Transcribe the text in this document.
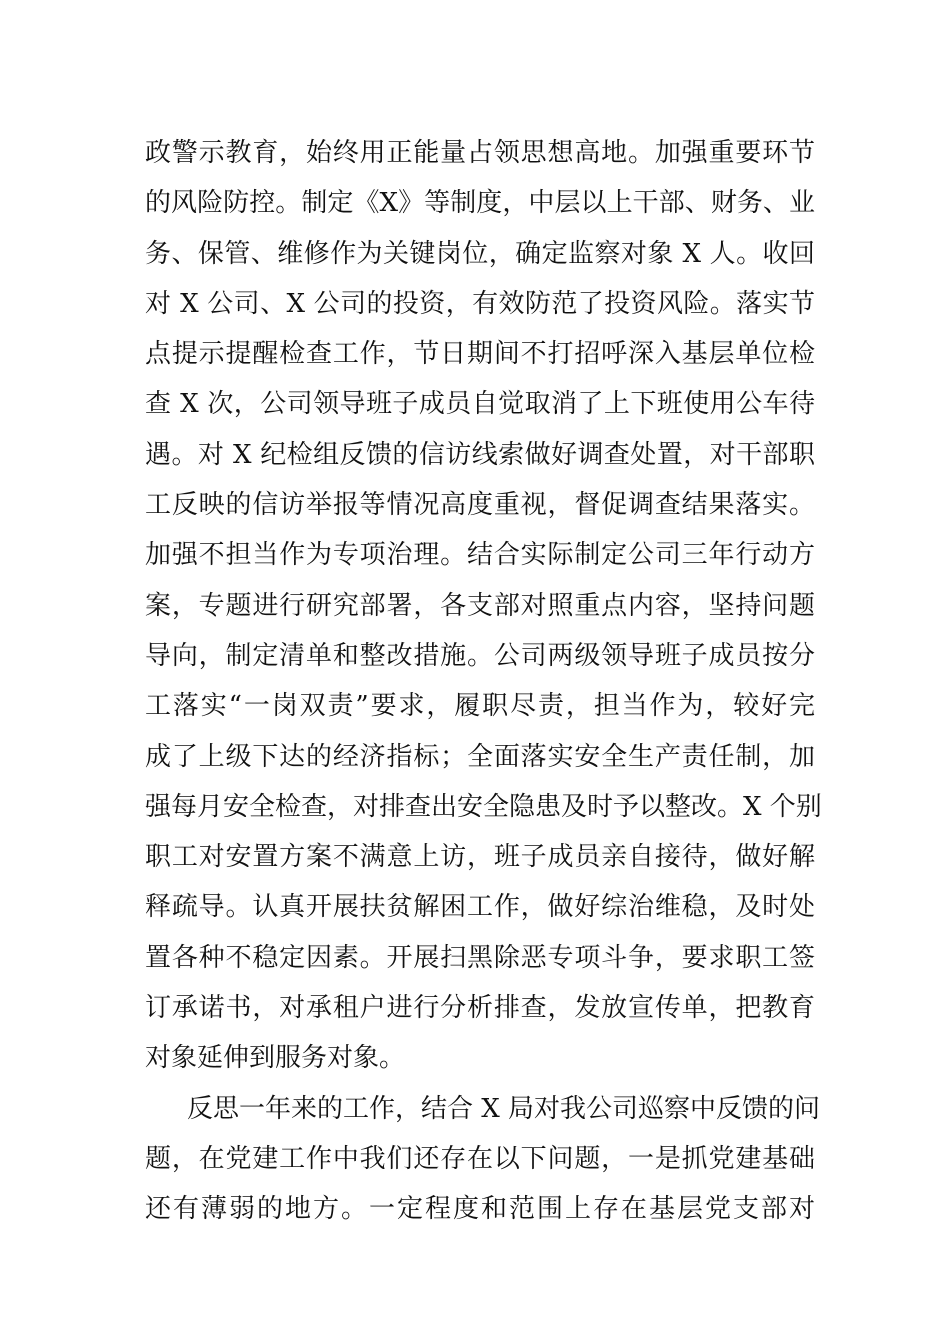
政警示教育，始终用正能量占领思想高地。加强重要环节
的风险防控。制定《X》等制度，中层以上干部、财务、业
务、保管、维修作为关键岗位，确定监察对象 X 人。收回
对 X 公司、X 公司的投资，有效防范了投资风险。落实节
点提示提醒检查工作，节日期间不打招呼深入基层单位检
查 X 次，公司领导班子成员自觉取消了上下班使用公车待
遇。对 X 纪检组反馈的信访线索做好调查处置，对干部职
工反映的信访举报等情况高度重视，督促调查结果落实。
加强不担当作为专项治理。结合实际制定公司三年行动方
案，专题进行研究部署，各支部对照重点内容，坚持问题
导向，制定清单和整改措施。公司两级领导班子成员按分
工落实“一岗双责”要求，履职尽责，担当作为，较好完
成了上级下达的经济指标；全面落实安全生产责任制，加
强每月安全检查，对排查出安全隐患及时予以整改。X 个别
职工对安置方案不满意上访，班子成员亲自接待，做好解
释疏导。认真开展扶贫解困工作，做好综治维稳，及时处
置各种不稳定因素。开展扫黑除恶专项斗争，要求职工签
订承诺书，对承租户进行分析排查，发放宣传单，把教育
对象延伸到服务对象。
反思一年来的工作，结合 X 局对我公司巡察中反馈的问
题，在党建工作中我们还存在以下问题，一是抓党建基础
还有薄弱的地方。一定程度和范围上存在基层党支部对
